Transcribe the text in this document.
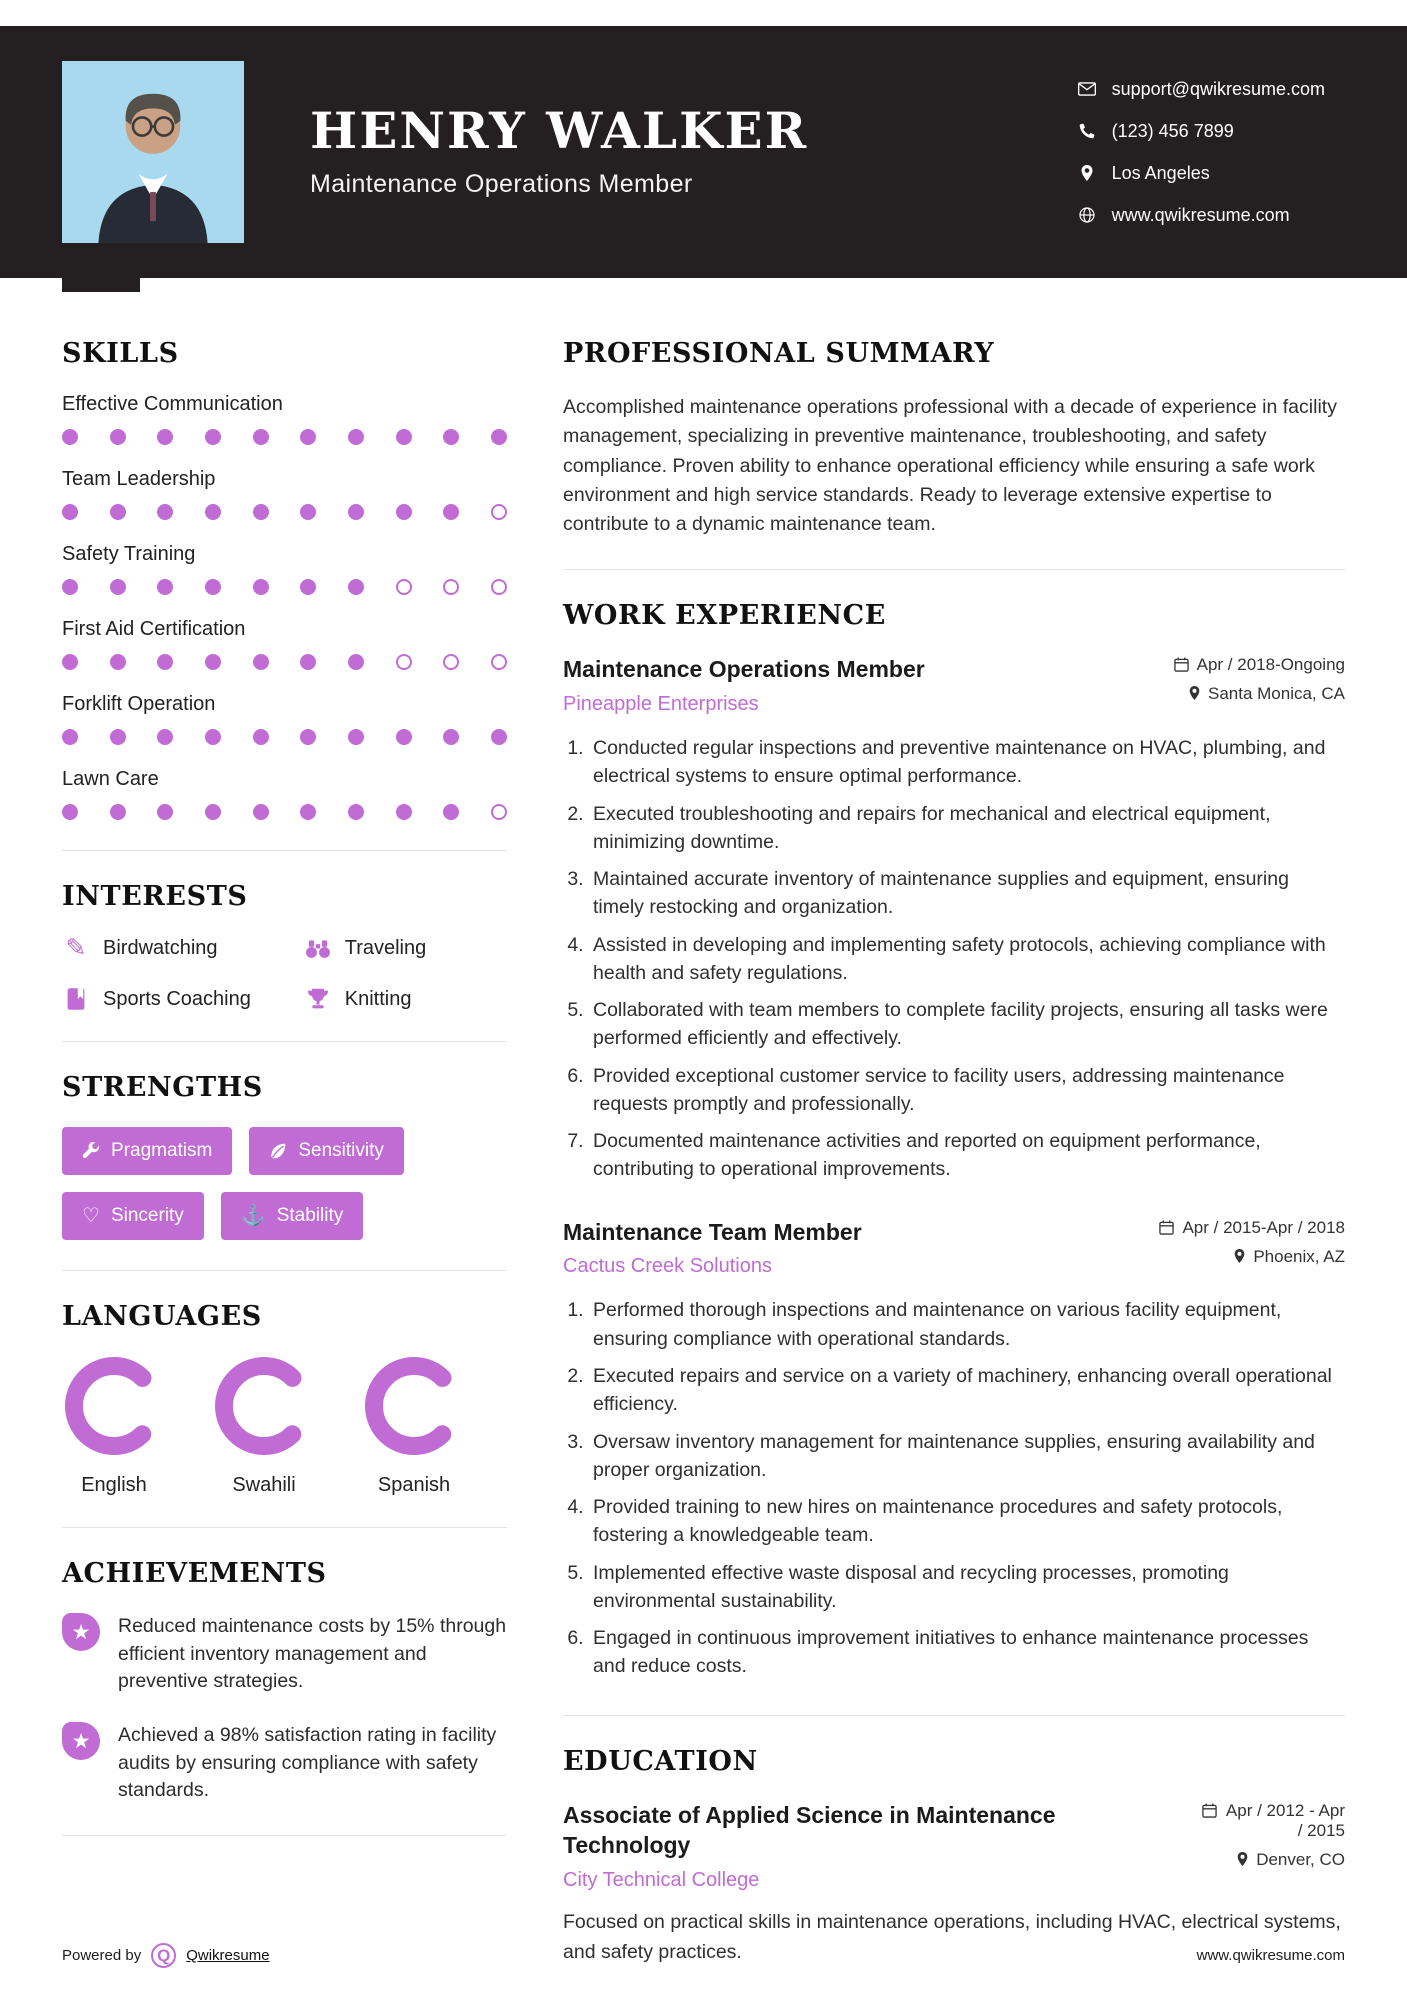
HENRY WALKER
Maintenance Operations Member
support@qwikresume.com
(123) 456 7899
Los Angeles
www.qwikresume.com
SKILLS
Effective Communication
Team Leadership
Safety Training
First Aid Certification
Forklift Operation
Lawn Care
INTERESTS
✎ Birdwatching	Traveling
Sports Coaching	Knitting
STRENGTHS
Pragmatism	Sensitivity
♡ Sincerity	⚓ Stability
LANGUAGES
English	Swahili	Spanish
ACHIEVEMENTS
★	Reduced maintenance costs by 15% through efficient inventory management and preventive strategies.

★	Achieved a 98% satisfaction rating in facility audits by ensuring compliance with safety standards.

PROFESSIONAL SUMMARY

Accomplished maintenance operations professional with a decade of experience in facility management, specializing in preventive maintenance, troubleshooting, and safety compliance. Proven ability to enhance operational efficiency while ensuring a safe work environment and high service standards. Ready to leverage extensive expertise to contribute to a dynamic maintenance team.

WORK EXPERIENCE
Maintenance Operations Member
Pineapple Enterprises
Apr / 2018-Ongoing
Santa Monica, CA
1. Conducted regular inspections and preventive maintenance on HVAC, plumbing, and electrical systems to ensure optimal performance.
2. Executed troubleshooting and repairs for mechanical and electrical equipment, minimizing downtime.
3. Maintained accurate inventory of maintenance supplies and equipment, ensuring timely restocking and organization.
4. Assisted in developing and implementing safety protocols, achieving compliance with health and safety regulations.
5. Collaborated with team members to complete facility projects, ensuring all tasks were performed efficiently and effectively.
6. Provided exceptional customer service to facility users, addressing maintenance requests promptly and professionally.
7. Documented maintenance activities and reported on equipment performance, contributing to operational improvements.
Maintenance Team Member
Cactus Creek Solutions
Apr / 2015-Apr / 2018
Phoenix, AZ
1. Performed thorough inspections and maintenance on various facility equipment, ensuring compliance with operational standards.
2. Executed repairs and service on a variety of machinery, enhancing overall operational efficiency.
3. Oversaw inventory management for maintenance supplies, ensuring availability and proper organization.
4. Provided training to new hires on maintenance procedures and safety protocols, fostering a knowledgeable team.
5. Implemented effective waste disposal and recycling processes, promoting environmental sustainability.
6. Engaged in continuous improvement initiatives to enhance maintenance processes and reduce costs.
EDUCATION
Associate of Applied Science in Maintenance Technology
City Technical College
Apr / 2012 - Apr / 2015
Denver, CO

Focused on practical skills in maintenance operations, including HVAC, electrical systems, and safety practices.

Powered by Q	Qwikresume	www.qwikresume.com
